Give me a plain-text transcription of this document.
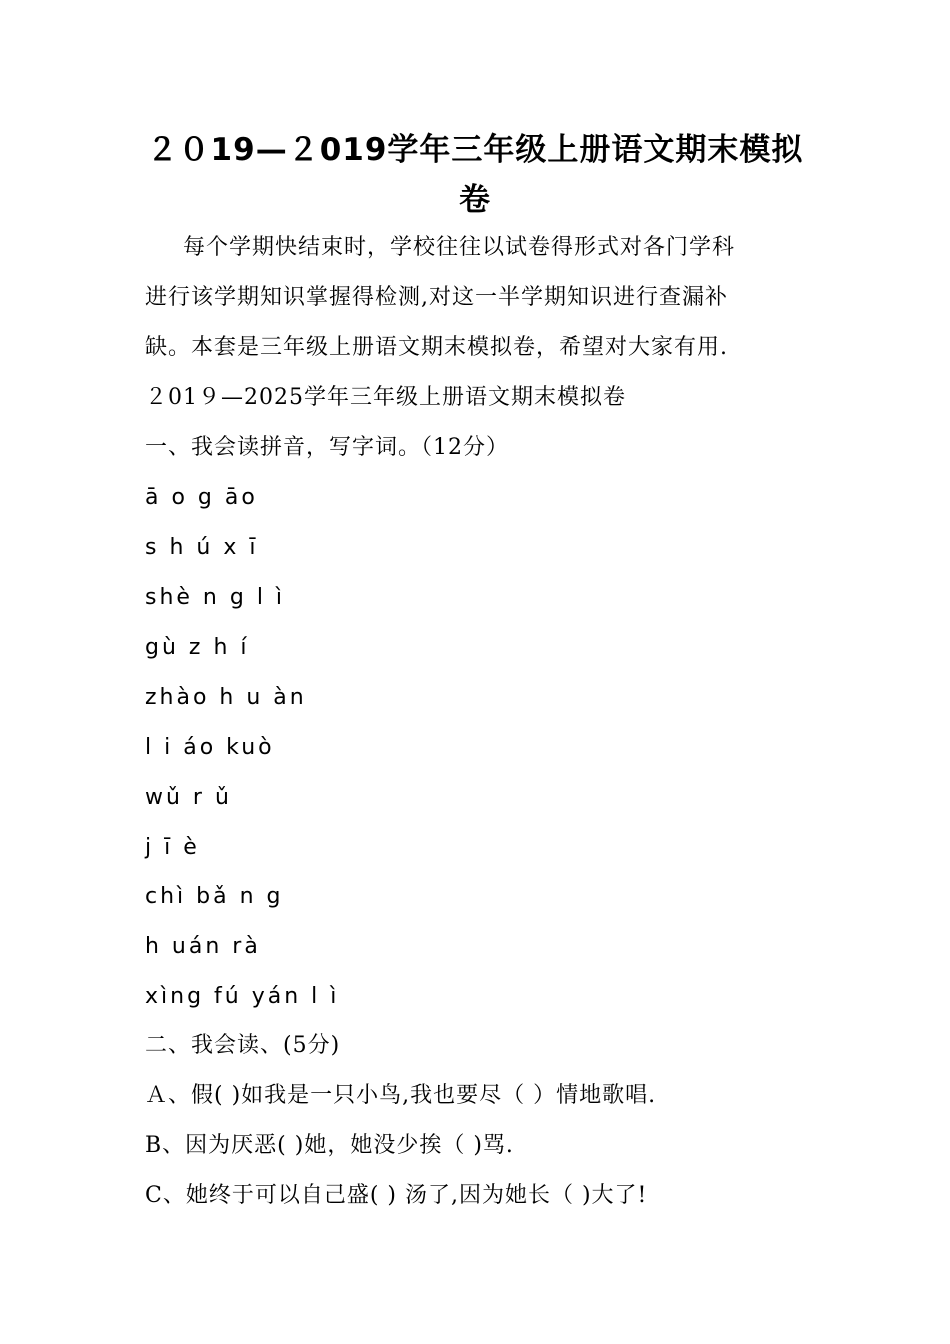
２０19—２019学年三年级上册语文期末模拟
卷
每个学期快结束时，学校往往以试卷得形式对各门学科
进行该学期知识掌握得检测,对这一半学期知识进行查漏补
缺。本套是三年级上册语文期末模拟卷，希望对大家有用.
２01９—2025学年三年级上册语文期末模拟卷
一、我会读拼音，写字词。（12分）
ā o g āo
s h ú x ī
shè n g l ì
gù z h í
zhào h u àn
l i áo kuò
wǔ r ǔ
j ī è
chì bǎ n g
h uán rà
xìng fú yán l ì
二、我会读、(5分)
Ａ、假( )如我是一只小鸟,我也要尽（ ）情地歌唱.
B、因为厌恶( )她，她没少挨（ )骂.
C、她终于可以自己盛( ) 汤了,因为她长（ )大了!
